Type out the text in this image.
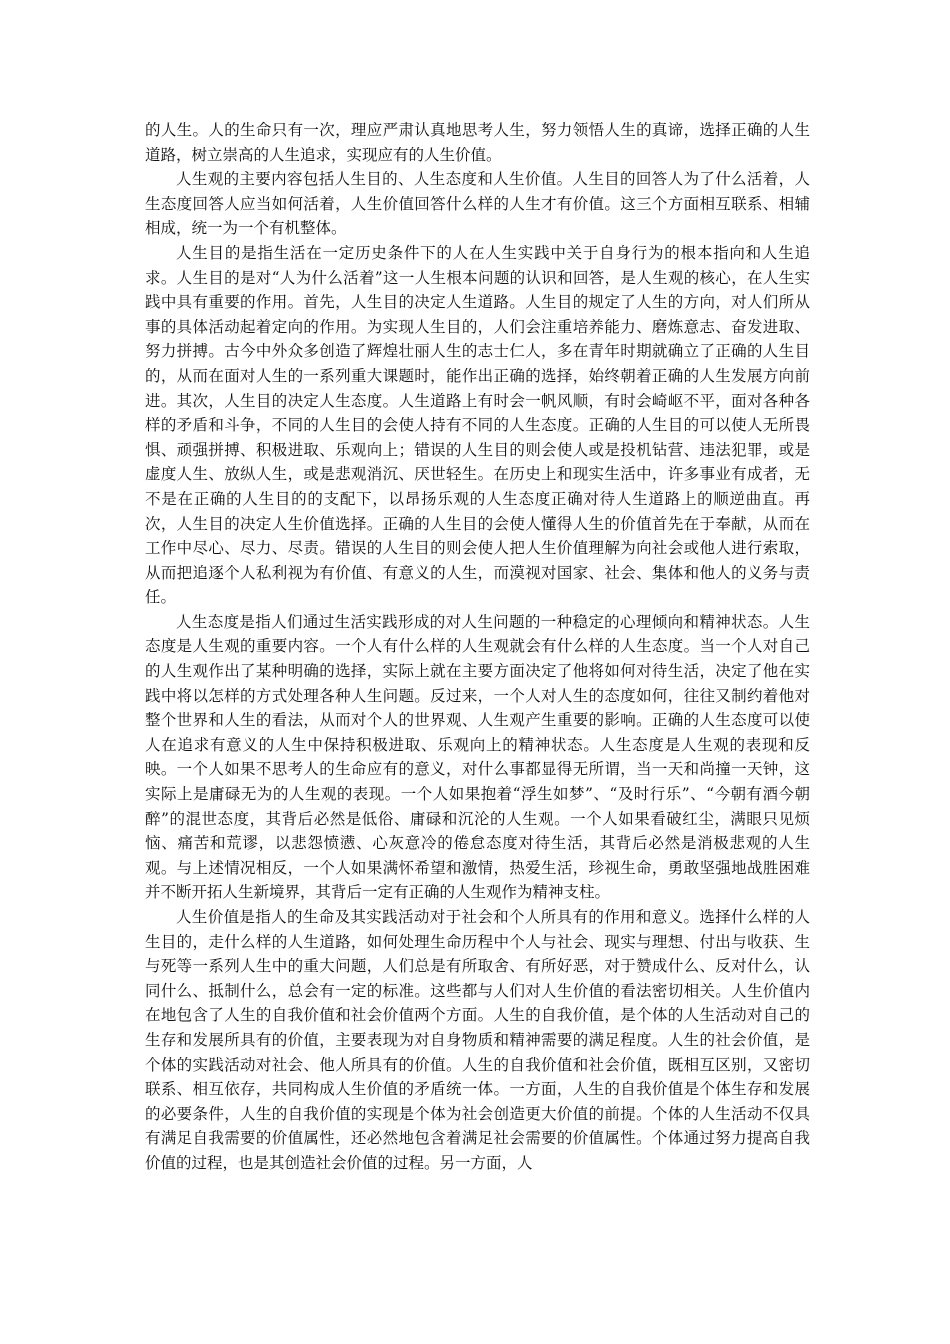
的人生。人的生命只有一次，理应严肃认真地思考人生，努力领悟人生的真谛，选择正确的人生道路，树立崇高的人生追求，实现应有的人生价值。

人生观的主要内容包括人生目的、人生态度和人生价值。人生目的回答人为了什么活着，人生态度回答人应当如何活着，人生价值回答什么样的人生才有价值。这三个方面相互联系、相辅相成，统一为一个有机整体。

人生目的是指生活在一定历史条件下的人在人生实践中关于自身行为的根本指向和人生追求。人生目的是对“人为什么活着”这一人生根本问题的认识和回答，是人生观的核心，在人生实践中具有重要的作用。首先，人生目的决定人生道路。人生目的规定了人生的方向，对人们所从事的具体活动起着定向的作用。为实现人生目的，人们会注重培养能力、磨炼意志、奋发进取、努力拼搏。古今中外众多创造了辉煌壮丽人生的志士仁人，多在青年时期就确立了正确的人生目的，从而在面对人生的一系列重大课题时，能作出正确的选择，始终朝着正确的人生发展方向前进。其次，人生目的决定人生态度。人生道路上有时会一帆风顺，有时会崎岖不平，面对各种各样的矛盾和斗争，不同的人生目的会使人持有不同的人生态度。正确的人生目的可以使人无所畏惧、顽强拼搏、积极进取、乐观向上；错误的人生目的则会使人或是投机钻营、违法犯罪，或是虚度人生、放纵人生，或是悲观消沉、厌世轻生。在历史上和现实生活中，许多事业有成者，无不是在正确的人生目的的支配下，以昂扬乐观的人生态度正确对待人生道路上的顺逆曲直。再次，人生目的决定人生价值选择。正确的人生目的会使人懂得人生的价值首先在于奉献，从而在工作中尽心、尽力、尽责。错误的人生目的则会使人把人生价值理解为向社会或他人进行索取，从而把追逐个人私利视为有价值、有意义的人生，而漠视对国家、社会、集体和他人的义务与责任。

人生态度是指人们通过生活实践形成的对人生问题的一种稳定的心理倾向和精神状态。人生态度是人生观的重要内容。一个人有什么样的人生观就会有什么样的人生态度。当一个人对自己的人生观作出了某种明确的选择，实际上就在主要方面决定了他将如何对待生活，决定了他在实践中将以怎样的方式处理各种人生问题。反过来，一个人对人生的态度如何，往往又制约着他对整个世界和人生的看法，从而对个人的世界观、人生观产生重要的影响。正确的人生态度可以使人在追求有意义的人生中保持积极进取、乐观向上的精神状态。人生态度是人生观的表现和反映。一个人如果不思考人的生命应有的意义，对什么事都显得无所谓，当一天和尚撞一天钟，这实际上是庸碌无为的人生观的表现。一个人如果抱着“浮生如梦”、“及时行乐”、“今朝有酒今朝醉”的混世态度，其背后必然是低俗、庸碌和沉沦的人生观。一个人如果看破红尘，满眼只见烦恼、痛苦和荒谬，以悲怨愤懑、心灰意冷的倦怠态度对待生活，其背后必然是消极悲观的人生观。与上述情况相反，一个人如果满怀希望和激情，热爱生活，珍视生命，勇敢坚强地战胜困难并不断开拓人生新境界，其背后一定有正确的人生观作为精神支柱。

人生价值是指人的生命及其实践活动对于社会和个人所具有的作用和意义。选择什么样的人生目的，走什么样的人生道路，如何处理生命历程中个人与社会、现实与理想、付出与收获、生与死等一系列人生中的重大问题，人们总是有所取舍、有所好恶，对于赞成什么、反对什么，认同什么、抵制什么，总会有一定的标准。这些都与人们对人生价值的看法密切相关。人生价值内在地包含了人生的自我价值和社会价值两个方面。人生的自我价值，是个体的人生活动对自己的生存和发展所具有的价值，主要表现为对自身物质和精神需要的满足程度。人生的社会价值，是个体的实践活动对社会、他人所具有的价值。人生的自我价值和社会价值，既相互区别，又密切联系、相互依存，共同构成人生价值的矛盾统一体。一方面，人生的自我价值是个体生存和发展的必要条件，人生的自我价值的实现是个体为社会创造更大价值的前提。个体的人生活动不仅具有满足自我需要的价值属性，还必然地包含着满足社会需要的价值属性。个体通过努力提高自我价值的过程，也是其创造社会价值的过程。另一方面，人
